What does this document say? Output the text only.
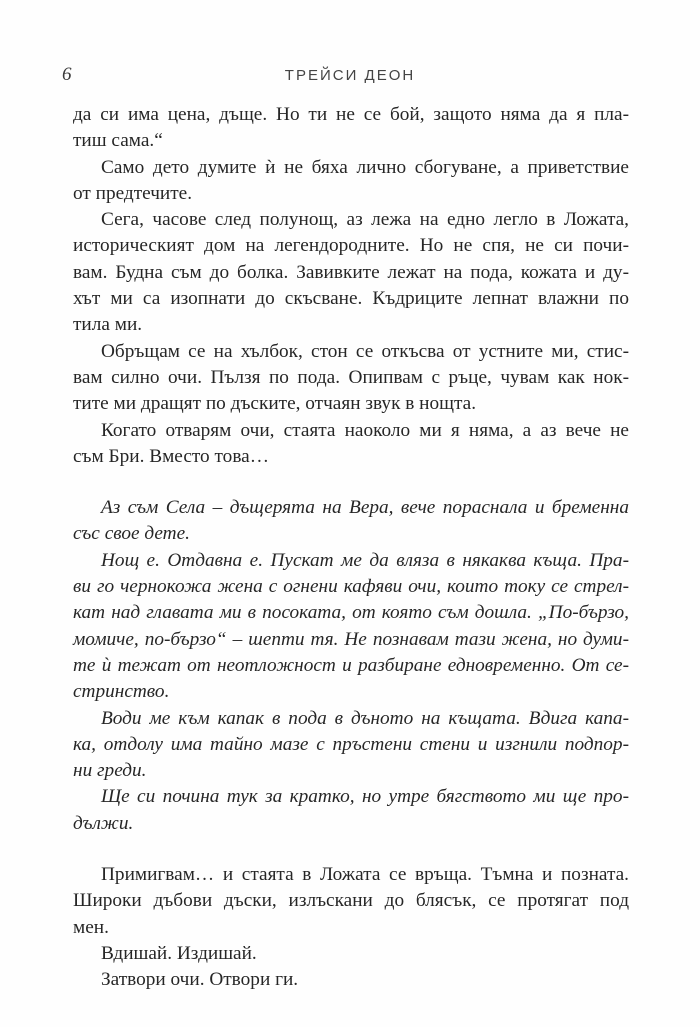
6	ТРЕЙСИ ДЕОН
да си има цена, дъще. Но ти не се бой, защото няма да я пла-
тиш сама.“
Само дето думите ѝ не бяха лично сбогуване, а приветствие
от предтечите.
Сега, часове след полунощ, аз лежа на едно легло в Ложата,
историческият дом на легендородните. Но не спя, не си почи-
вам. Будна съм до болка. Завивките лежат на пода, кожата и ду-
хът ми са изопнати до скъсване. Къдриците лепнат влажни по
тила ми.
Обръщам се на хълбок, стон се откъсва от устните ми, стис-
вам силно очи. Пълзя по пода. Опипвам с ръце, чувам как нок-
тите ми дращят по дъските, отчаян звук в нощта.
Когато отварям очи, стаята наоколо ми я няма, а аз вече не
съм Бри. Вместо това…
Аз съм Села – дъщерята на Вера, вече пораснала и бременна
със свое дете.
Нощ е. Отдавна е. Пускат ме да вляза в някаква къща. Пра-
ви го чернокожа жена с огнени кафяви очи, които току се стрел-
кат над главата ми в посоката, от която съм дошла. „По-бързо,
момиче, по-бързо“ – шепти тя. Не познавам тази жена, но думи-
те ѝ тежат от неотложност и разбиране едновременно. От се-
стринство.
Води ме към капак в пода в дъното на къщата. Вдига капа-
ка, отдолу има тайно мазе с пръстени стени и изгнили подпор-
ни греди.
Ще си почина тук за кратко, но утре бягството ми ще про-
дължи.
Примигвам… и стаята в Ложата се връща. Тъмна и позната.
Широки дъбови дъски, излъскани до блясък, се протягат под
мен.
Вдишай. Издишай.
Затвори очи. Отвори ги.
